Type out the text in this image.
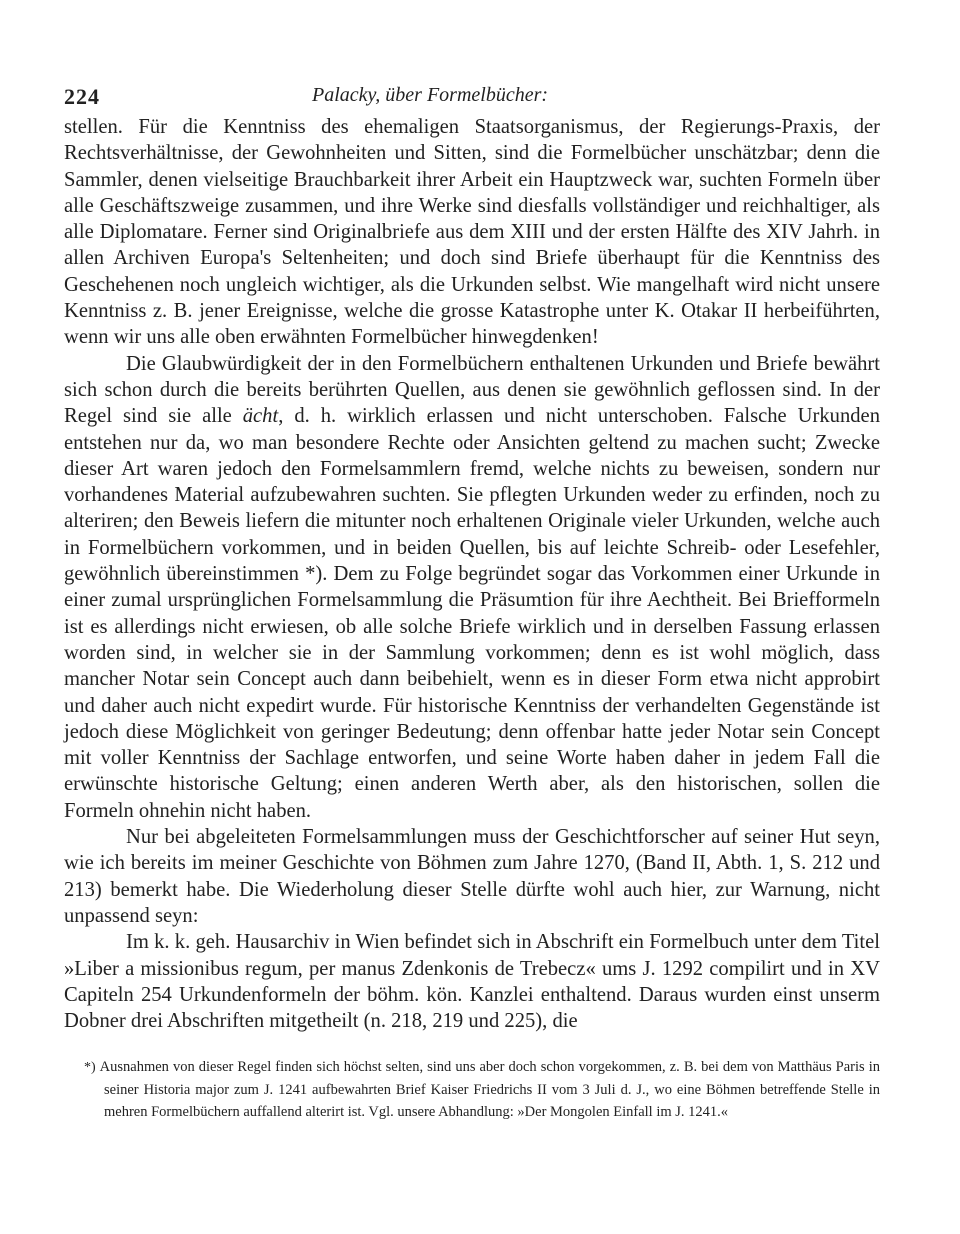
224	Palacky, über Formelbücher:

stellen. Für die Kenntniss des ehemaligen Staatsorganismus, der Regierungs-Praxis, der Rechtsverhältnisse, der Gewohnheiten und Sitten, sind die Formelbücher unschätzbar; denn die Sammler, denen vielseitige Brauchbarkeit ihrer Arbeit ein Hauptzweck war, suchten Formeln über alle Geschäftszweige zusammen, und ihre Werke sind diesfalls vollständiger und reichhaltiger, als alle Diplomatare. Ferner sind Originalbriefe aus dem XIII und der ersten Hälfte des XIV Jahrh. in allen Archiven Europa's Seltenheiten; und doch sind Briefe überhaupt für die Kenntniss des Geschehenen noch ungleich wichtiger, als die Urkunden selbst. Wie mangelhaft wird nicht unsere Kenntniss z. B. jener Ereignisse, welche die grosse Katastrophe unter K. Otakar II herbeiführten, wenn wir uns alle oben erwähnten Formelbücher hinwegdenken!

Die Glaubwürdigkeit der in den Formelbüchern enthaltenen Urkunden und Briefe bewährt sich schon durch die bereits berührten Quellen, aus denen sie gewöhnlich geflossen sind. In der Regel sind sie alle ächt, d. h. wirklich erlassen und nicht unterschoben. Falsche Urkunden entstehen nur da, wo man besondere Rechte oder Ansichten geltend zu machen sucht; Zwecke dieser Art waren jedoch den Formelsammlern fremd, welche nichts zu beweisen, sondern nur vorhandenes Material aufzubewahren suchten. Sie pflegten Urkunden weder zu erfinden, noch zu alteriren; den Beweis liefern die mitunter noch erhaltenen Originale vieler Urkunden, welche auch in Formelbüchern vorkommen, und in beiden Quellen, bis auf leichte Schreib- oder Lesefehler, gewöhnlich übereinstimmen *). Dem zu Folge begründet sogar das Vorkommen einer Urkunde in einer zumal ursprünglichen Formelsammlung die Präsumtion für ihre Aechtheit. Bei Briefformeln ist es allerdings nicht erwiesen, ob alle solche Briefe wirklich und in derselben Fassung erlassen worden sind, in welcher sie in der Sammlung vorkommen; denn es ist wohl möglich, dass mancher Notar sein Concept auch dann beibehielt, wenn es in dieser Form etwa nicht approbirt und daher auch nicht expedirt wurde. Für historische Kenntniss der verhandelten Gegenstände ist jedoch diese Möglichkeit von geringer Bedeutung; denn offenbar hatte jeder Notar sein Concept mit voller Kenntniss der Sachlage entworfen, und seine Worte haben daher in jedem Fall die erwünschte historische Geltung; einen anderen Werth aber, als den historischen, sollen die Formeln ohnehin nicht haben.

Nur bei abgeleiteten Formelsammlungen muss der Geschichtforscher auf seiner Hut seyn, wie ich bereits im meiner Geschichte von Böhmen zum Jahre 1270, (Band II, Abth. 1, S. 212 und 213) bemerkt habe. Die Wiederholung dieser Stelle dürfte wohl auch hier, zur Warnung, nicht unpassend seyn:

Im k. k. geh. Hausarchiv in Wien befindet sich in Abschrift ein Formelbuch unter dem Titel »Liber a missionibus regum, per manus Zdenkonis de Trebecz« ums J. 1292 compilirt und in XV Capiteln 254 Urkundenformeln der böhm. kön. Kanzlei enthaltend. Daraus wurden einst unserm Dobner drei Abschriften mitgetheilt (n. 218, 219 und 225), die

*) Ausnahmen von dieser Regel finden sich höchst selten, sind uns aber doch schon vorgekommen, z. B. bei dem von Matthäus Paris in seiner Historia major zum J. 1241 aufbewahrten Brief Kaiser Friedrichs II vom 3 Juli d. J., wo eine Böhmen betreffende Stelle in mehren Formelbüchern auffallend alterirt ist. Vgl. unsere Abhandlung: »Der Mongolen Einfall im J. 1241.«
